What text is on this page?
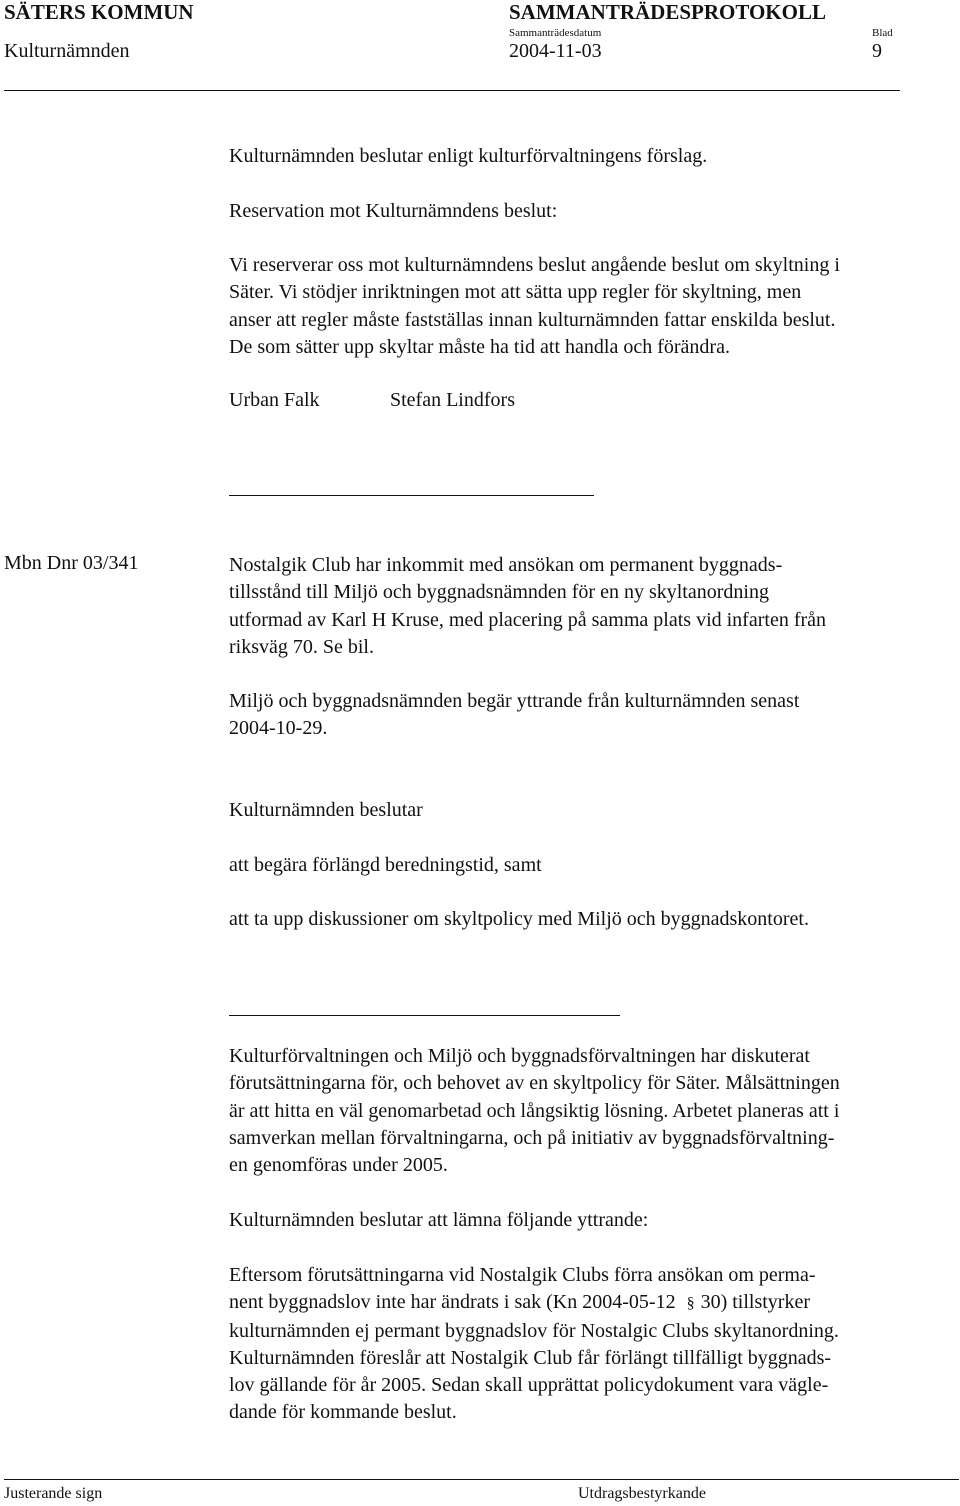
SÄTERS KOMMUN	SAMMANTRÄDESPROTOKOLL
Sammanträdesdatum	Blad
Kulturnämnden	2004-11-03	9
Kulturnämnden beslutar enligt kulturförvaltningens förslag.
Reservation mot Kulturnämndens beslut:
Vi reserverar oss mot kulturnämndens beslut angående beslut om skyltning i
Säter. Vi stödjer inriktningen mot att sätta upp regler för skyltning, men
anser att regler måste fastställas innan kulturnämnden fattar enskilda beslut.
De som sätter upp skyltar måste ha tid att handla och förändra.
Urban Falk	Stefan Lindfors
Mbn Dnr 03/341	Nostalgik Club har inkommit med ansökan om permanent byggnads-
tillsstånd till Miljö och byggnadsnämnden för en ny skyltanordning
utformad av Karl H Kruse, med placering på samma plats vid infarten från
riksväg 70. Se bil.
Miljö och byggnadsnämnden begär yttrande från kulturnämnden senast
2004-10-29.
Kulturnämnden beslutar
att begära förlängd beredningstid, samt
att ta upp diskussioner om skyltpolicy med Miljö och byggnadskontoret.
Kulturförvaltningen och Miljö och byggnadsförvaltningen har diskuterat
förutsättningarna för, och behovet av en skyltpolicy för Säter. Målsättningen
är att hitta en väl genomarbetad och långsiktig lösning. Arbetet planeras att i
samverkan mellan förvaltningarna, och på initiativ av byggnadsförvaltning-
en genomföras under 2005.
Kulturnämnden beslutar att lämna följande yttrande:
Eftersom förutsättningarna vid Nostalgik Clubs förra ansökan om perma-
nent byggnadslov inte har ändrats i sak (Kn 2004-05-12 § 30) tillstyrker
kulturnämnden ej permant byggnadslov för Nostalgic Clubs skyltanordning.
Kulturnämnden föreslår att Nostalgik Club får förlängt tillfälligt byggnads-
lov gällande för år 2005. Sedan skall upprättat policydokument vara vägle-
dande för kommande beslut.
Justerande sign	Utdragsbestyrkande
